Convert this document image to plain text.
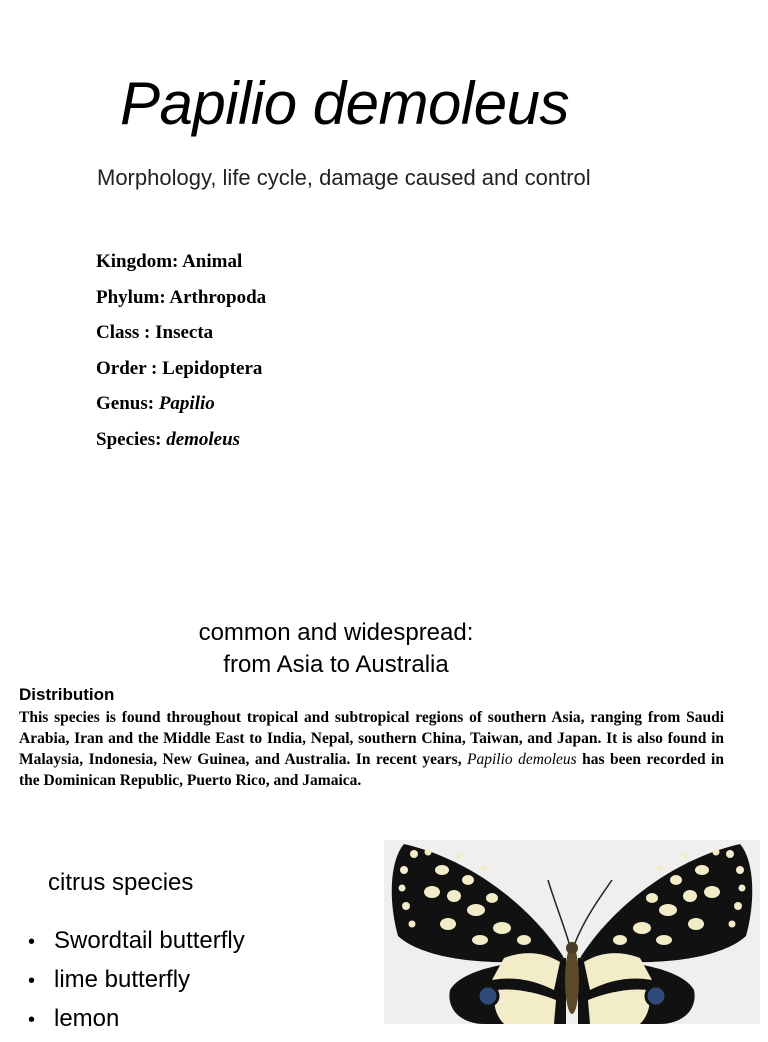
Papilio demoleus

Morphology, life cycle, damage caused and control

Kingdom: Animal
Phylum: Arthropoda
Class : Insecta
Order : Lepidoptera
Genus: Papilio
Species: demoleus

common and widespread:
from Asia to Australia

Distribution

This species is found throughout tropical and subtropical regions of southern Asia, ranging from Saudi Arabia, Iran and the Middle East to India, Nepal, southern China, Taiwan, and Japan. It is also found in Malaysia, Indonesia, New Guinea, and Australia. In recent years, Papilio demoleus has been recorded in the Dominican Republic, Puerto Rico, and Jamaica.

citrus species

• Swordtail butterfly
• lime butterfly
• lemon
